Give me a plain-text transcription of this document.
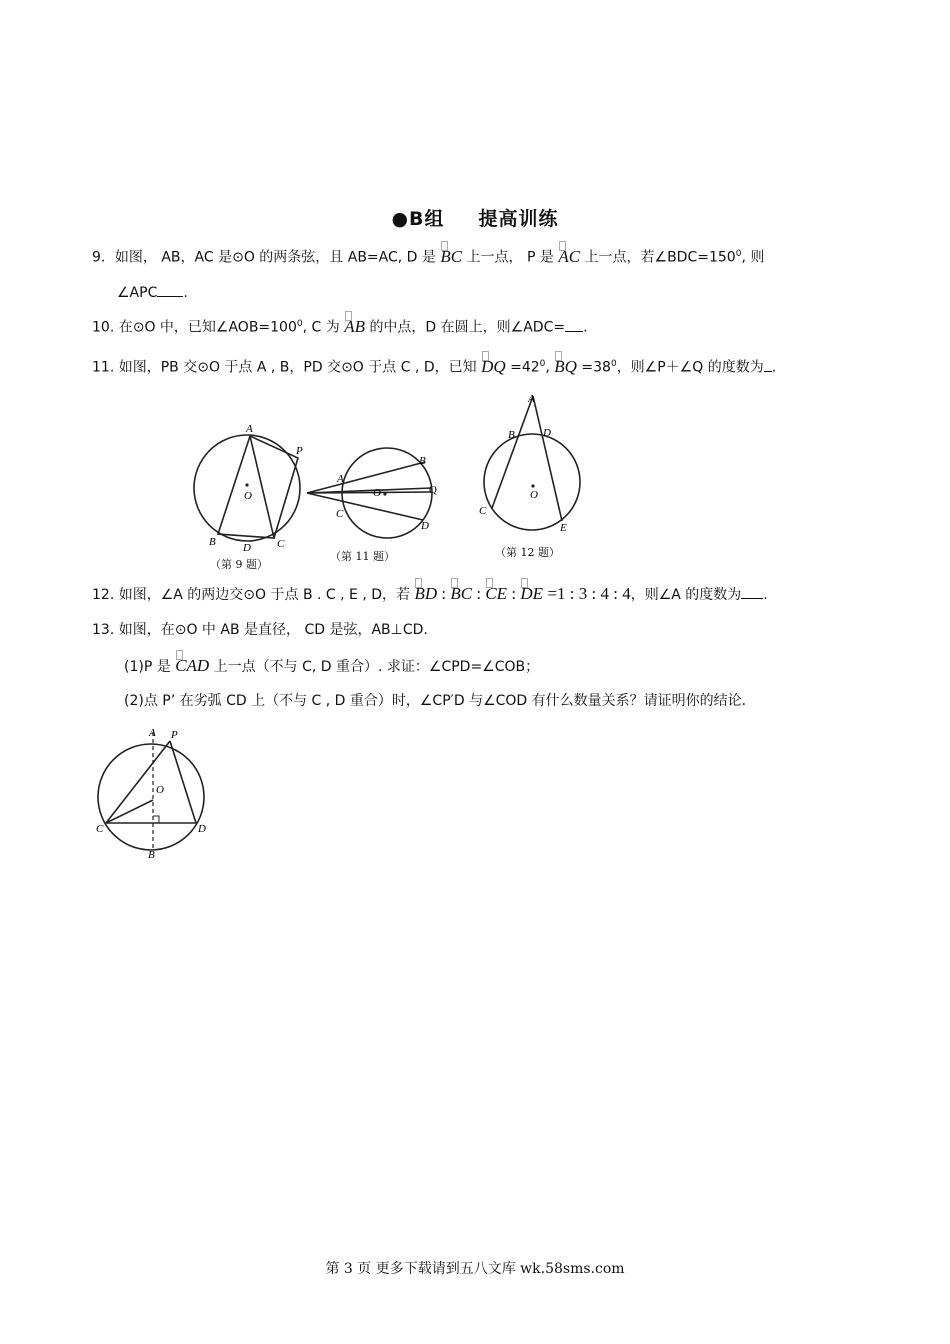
●B组 提高训练
9．如图， AB，AC 是⊙O 的两条弦，且 AB=AC, D 是 BC 上一点， P 是 AC 上一点，若$\angle BDC=150^0$, 则
∠APC .
10. 在⊙O 中，已知$\angle AOB=100^0$, C 为 AB 的中点，D 在圆上，则∠ADC= .
11. 如图，PB 交⊙O 于点 A , B，PD 交⊙O 于点 C , D，已知 DQ $=42^0$, BQ $=38^0$，则∠P＋∠Q 的度数为 .
A
P
O
B D C
（第 9 题）
A
B
O	Q
C
D
（第 11 题）
A
B	D
O
C
E
（第 12 题）
12. 如图，∠A 的两边交⊙O 于点 B . C , E , D，若 BD : BC : CE : DE =1 : 3 : 4 : 4，则∠A 的度数为 .
13. 如图，在⊙O 中 AB 是直径， CD 是弦，AB⊥CD.
(1)P 是 CAD 上一点（不与 C, D 重合）. 求证：∠CPD=∠COB；
(2)点 P’ 在劣弧 CD 上（不与 C , D 重合）时，∠CP′D 与∠COD 有什么数量关系？请证明你的结论.
A P
O
C	D
B
第 3 页 更多下载请到五八文库 wk.58sms.com
